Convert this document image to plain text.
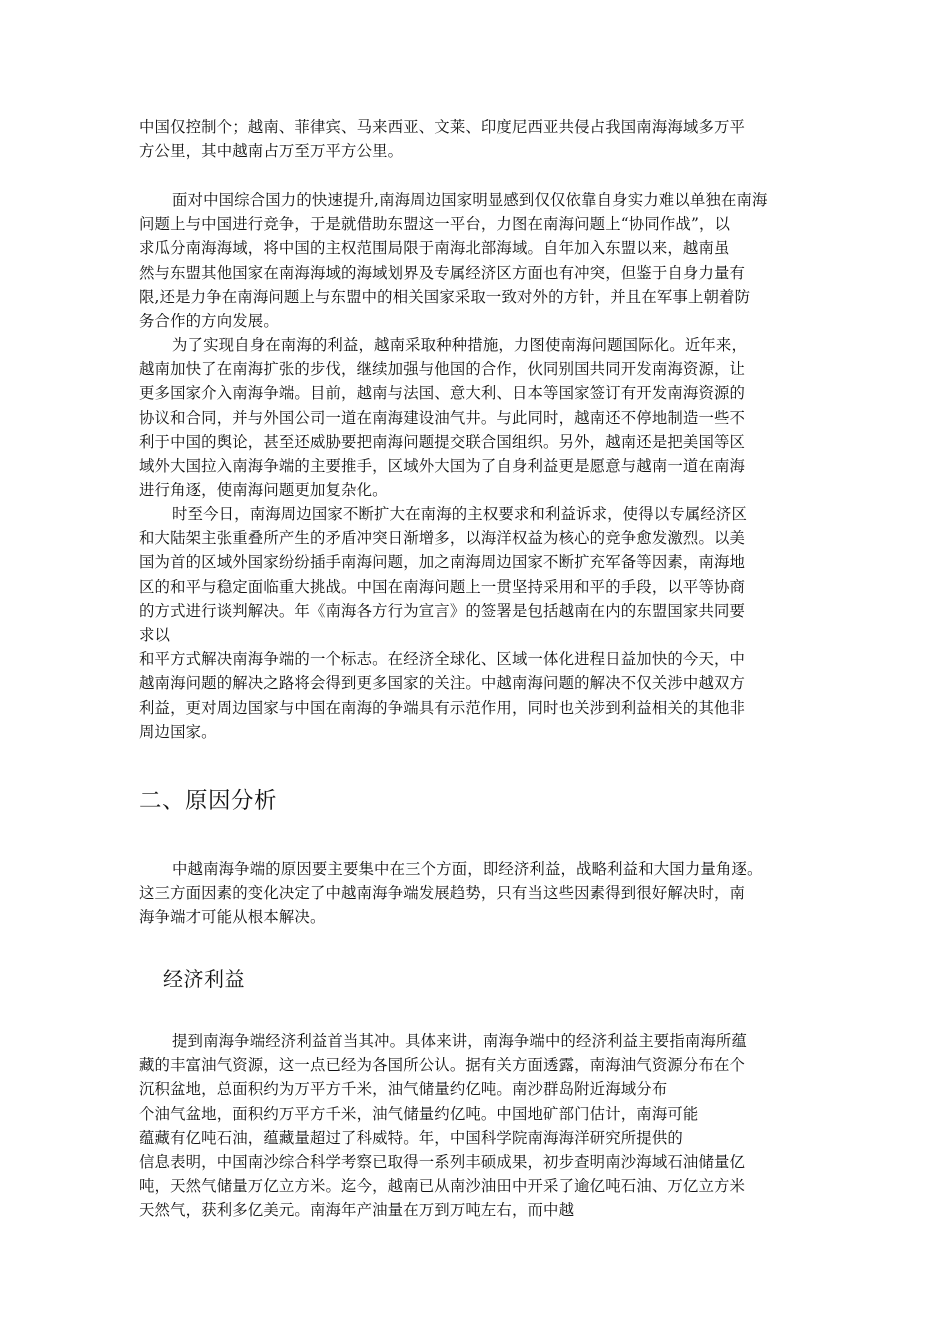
中国仅控制个；越南、菲律宾、马来西亚、文莱、印度尼西亚共侵占我国南海海域多万平
方公里，其中越南占万至万平方公里。
面对中国综合国力的快速提升,南海周边国家明显感到仅仅依靠自身实力难以单独在南海
问题上与中国进行竞争，于是就借助东盟这一平台，力图在南海问题上“协同作战”，以
求瓜分南海海域，将中国的主权范围局限于南海北部海域。自年加入东盟以来，越南虽
然与东盟其他国家在南海海域的海域划界及专属经济区方面也有冲突，但鉴于自身力量有
限,还是力争在南海问题上与东盟中的相关国家采取一致对外的方针，并且在军事上朝着防
务合作的方向发展。
为了实现自身在南海的利益，越南采取种种措施，力图使南海问题国际化。近年来，
越南加快了在南海扩张的步伐，继续加强与他国的合作，伙同别国共同开发南海资源，让
更多国家介入南海争端。目前，越南与法国、意大利、日本等国家签订有开发南海资源的
协议和合同，并与外国公司一道在南海建设油气井。与此同时，越南还不停地制造一些不
利于中国的舆论，甚至还威胁要把南海问题提交联合国组织。另外，越南还是把美国等区
域外大国拉入南海争端的主要推手，区域外大国为了自身利益更是愿意与越南一道在南海
进行角逐，使南海问题更加复杂化。
时至今日，南海周边国家不断扩大在南海的主权要求和利益诉求，使得以专属经济区
和大陆架主张重叠所产生的矛盾冲突日渐增多，以海洋权益为核心的竞争愈发激烈。以美
国为首的区域外国家纷纷插手南海问题，加之南海周边国家不断扩充军备等因素，南海地
区的和平与稳定面临重大挑战。中国在南海问题上一贯坚持采用和平的手段，以平等协商
的方式进行谈判解决。年《南海各方行为宣言》的签署是包括越南在内的东盟国家共同要
求以
和平方式解决南海争端的一个标志。在经济全球化、区域一体化进程日益加快的今天，中
越南海问题的解决之路将会得到更多国家的关注。中越南海问题的解决不仅关涉中越双方
利益，更对周边国家与中国在南海的争端具有示范作用，同时也关涉到利益相关的其他非
周边国家。
二、原因分析
中越南海争端的原因要主要集中在三个方面，即经济利益，战略利益和大国力量角逐。
这三方面因素的变化决定了中越南海争端发展趋势，只有当这些因素得到很好解决时，南
海争端才可能从根本解决。
经济利益
提到南海争端经济利益首当其冲。具体来讲，南海争端中的经济利益主要指南海所蕴
藏的丰富油气资源，这一点已经为各国所公认。据有关方面透露，南海油气资源分布在个
沉积盆地，总面积约为万平方千米，油气储量约亿吨。南沙群岛附近海域分布
个油气盆地，面积约万平方千米，油气储量约亿吨。中国地矿部门估计，南海可能
蕴藏有亿吨石油，蕴藏量超过了科威特。年，中国科学院南海海洋研究所提供的
信息表明，中国南沙综合科学考察已取得一系列丰硕成果，初步查明南沙海域石油储量亿
吨，天然气储量万亿立方米。迄今，越南已从南沙油田中开采了逾亿吨石油、万亿立方米
天然气，获利多亿美元。南海年产油量在万到万吨左右，而中越
